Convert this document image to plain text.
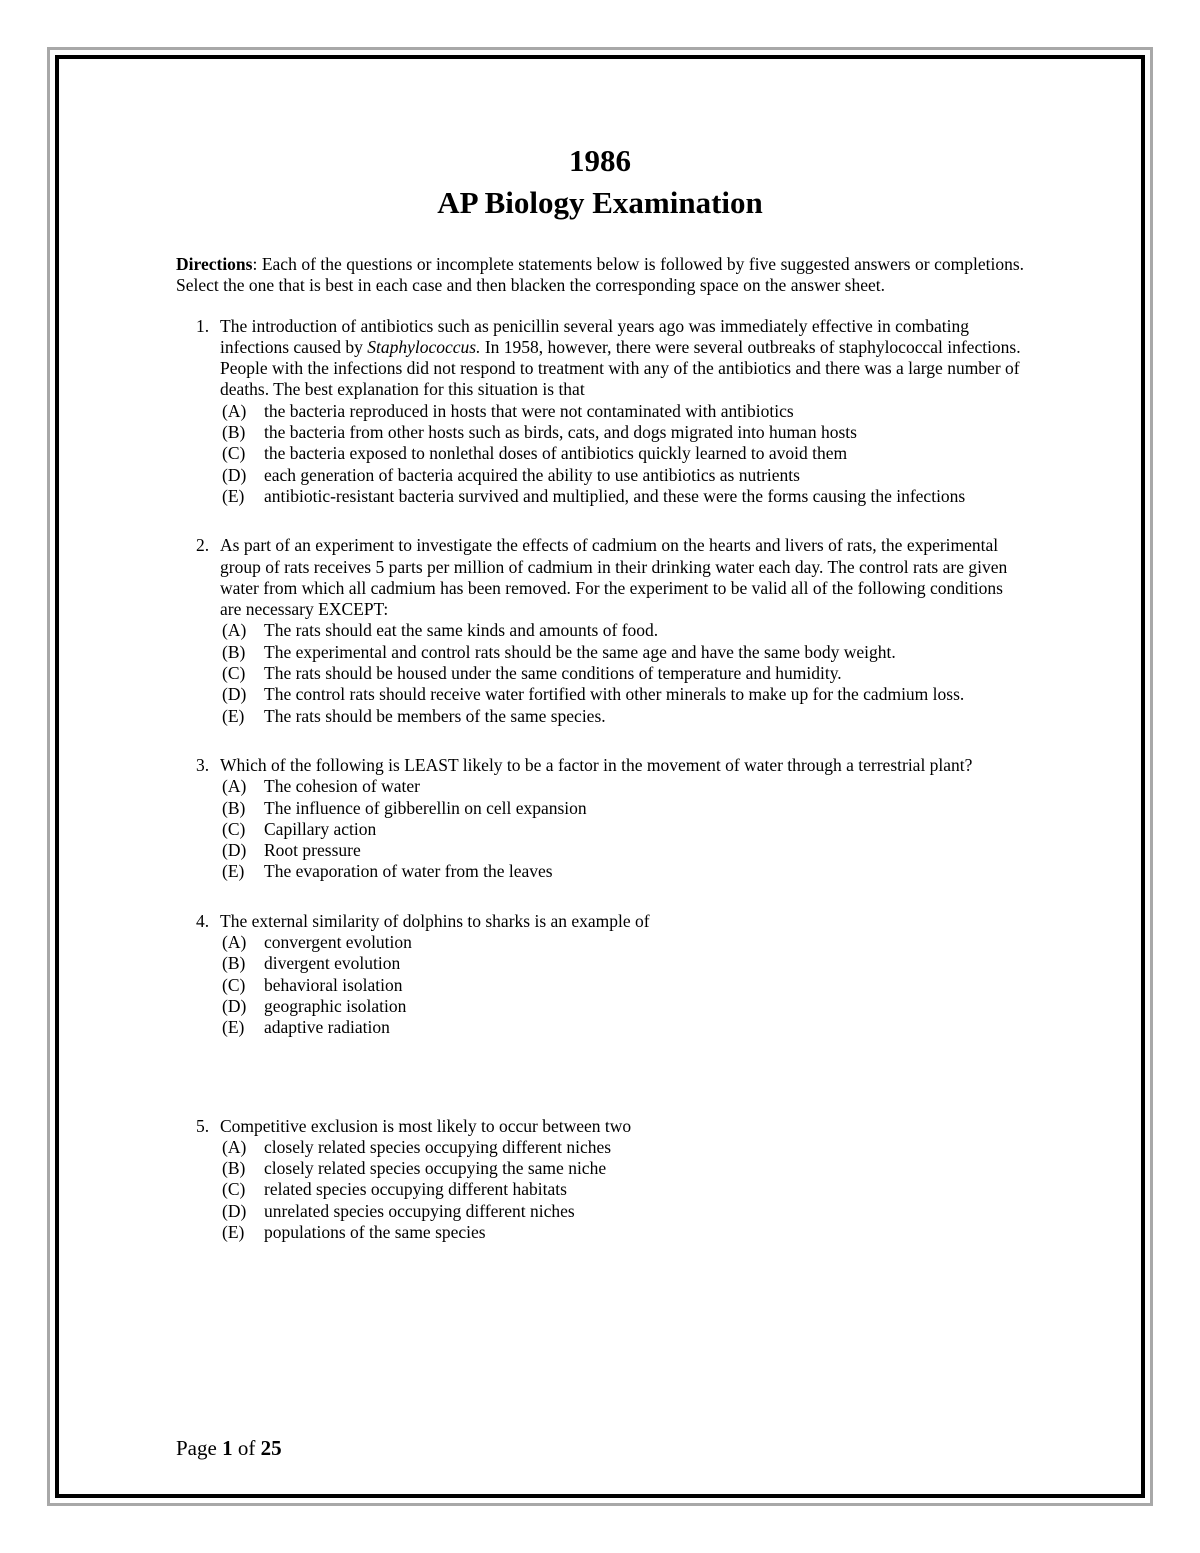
1986
AP Biology Examination

Directions: Each of the questions or incomplete statements below is followed by five suggested answers or completions. Select the one that is best in each case and then blacken the corresponding space on the answer sheet.

1. The introduction of antibiotics such as penicillin several years ago was immediately effective in combating infections caused by Staphylococcus. In 1958, however, there were several outbreaks of staphylococcal infections. People with the infections did not respond to treatment with any of the antibiotics and there was a large number of deaths. The best explanation for this situation is that
(A) the bacteria reproduced in hosts that were not contaminated with antibiotics
(B) the bacteria from other hosts such as birds, cats, and dogs migrated into human hosts
(C) the bacteria exposed to nonlethal doses of antibiotics quickly learned to avoid them
(D) each generation of bacteria acquired the ability to use antibiotics as nutrients
(E) antibiotic-resistant bacteria survived and multiplied, and these were the forms causing the infections
2. As part of an experiment to investigate the effects of cadmium on the hearts and livers of rats, the experimental group of rats receives 5 parts per million of cadmium in their drinking water each day. The control rats are given water from which all cadmium has been removed. For the experiment to be valid all of the following conditions are necessary EXCEPT:
(A) The rats should eat the same kinds and amounts of food.
(B) The experimental and control rats should be the same age and have the same body weight.
(C) The rats should be housed under the same conditions of temperature and humidity.
(D) The control rats should receive water fortified with other minerals to make up for the cadmium loss.
(E) The rats should be members of the same species.
3. Which of the following is LEAST likely to be a factor in the movement of water through a terrestrial plant?
(A) The cohesion of water
(B) The influence of gibberellin on cell expansion
(C) Capillary action
(D) Root pressure
(E) The evaporation of water from the leaves
4. The external similarity of dolphins to sharks is an example of
(A) convergent evolution
(B) divergent evolution
(C) behavioral isolation
(D) geographic isolation
(E) adaptive radiation
5. Competitive exclusion is most likely to occur between two
(A) closely related species occupying different niches
(B) closely related species occupying the same niche
(C) related species occupying different habitats
(D) unrelated species occupying different niches
(E) populations of the same species
Page 1 of 25
